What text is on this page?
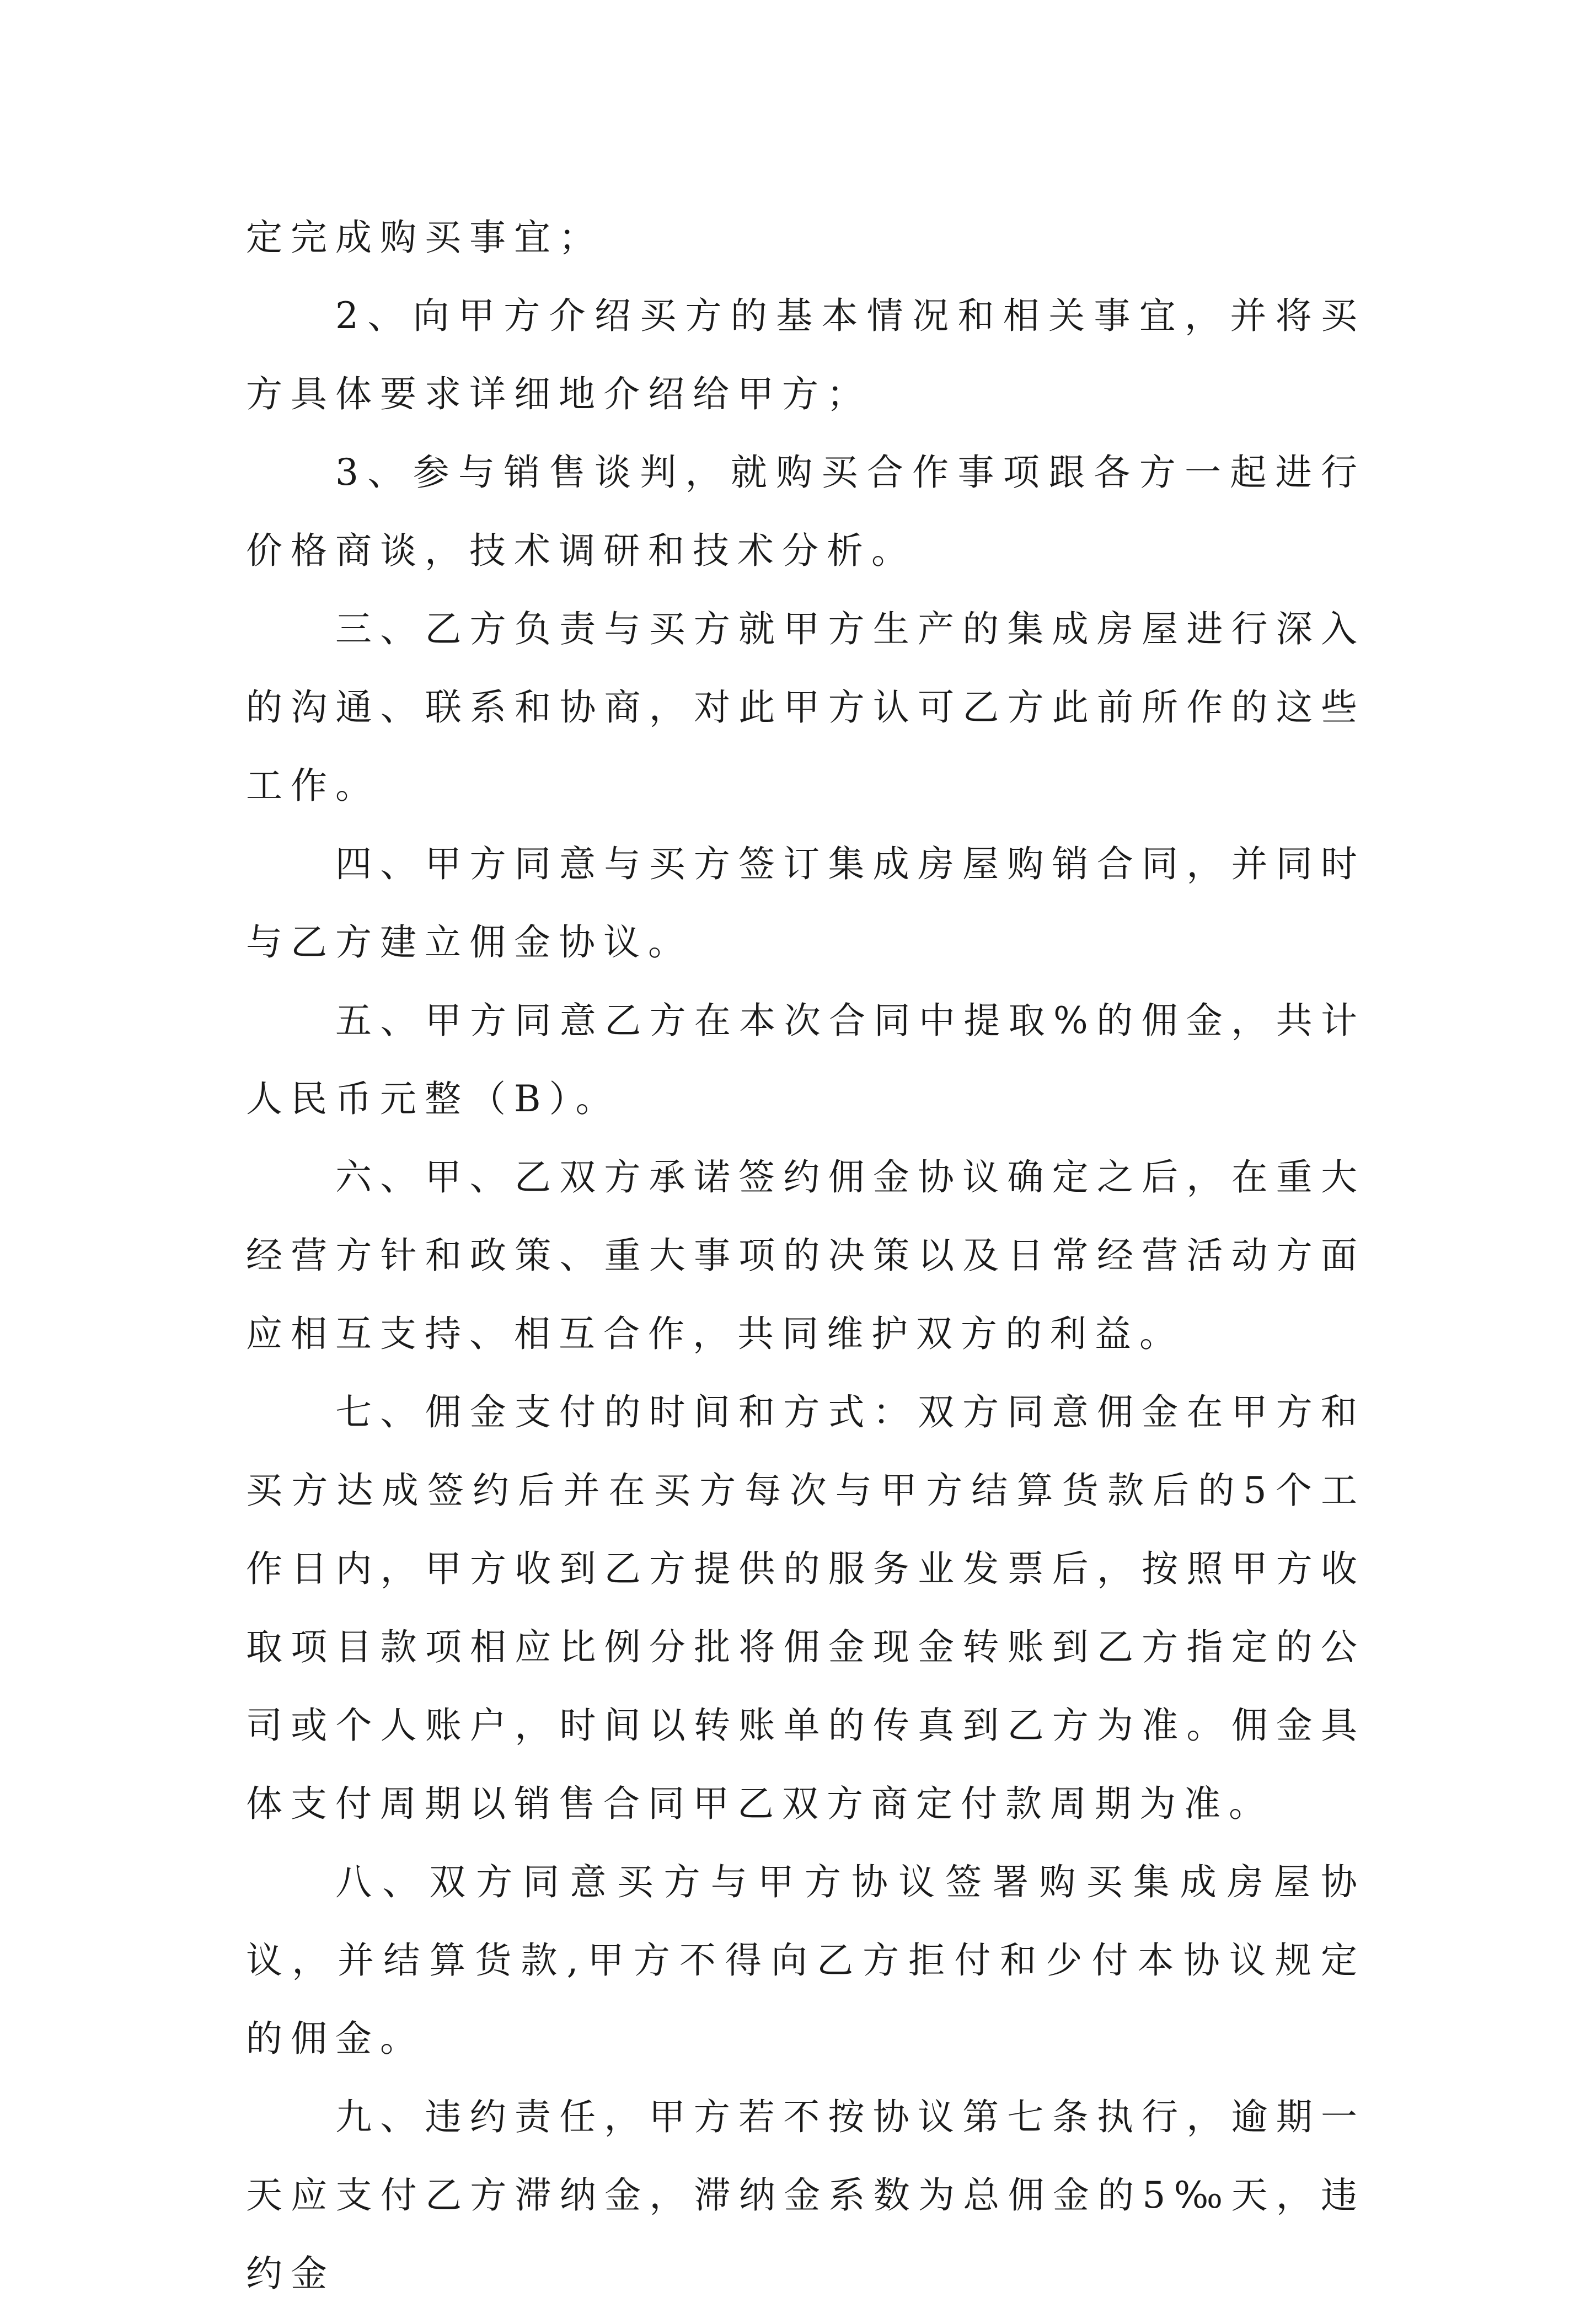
定完成购买事宜；

2、向甲方介绍买方的基本情况和相关事宜，并将买方具体要求详细地介绍给甲方；

3、参与销售谈判，就购买合作事项跟各方一起进行价格商谈，技术调研和技术分析。

三、乙方负责与买方就甲方生产的集成房屋进行深入的沟通、联系和协商，对此甲方认可乙方此前所作的这些工作。

四、甲方同意与买方签订集成房屋购销合同，并同时与乙方建立佣金协议。

五、甲方同意乙方在本次合同中提取%的佣金，共计人民币元整（B）。

六、甲、乙双方承诺签约佣金协议确定之后，在重大经营方针和政策、重大事项的决策以及日常经营活动方面应相互支持、相互合作，共同维护双方的利益。

七、佣金支付的时间和方式：双方同意佣金在甲方和买方达成签约后并在买方每次与甲方结算货款后的5个工作日内，甲方收到乙方提供的服务业发票后，按照甲方收取项目款项相应比例分批将佣金现金转账到乙方指定的公司或个人账户，时间以转账单的传真到乙方为准。佣金具体支付周期以销售合同甲乙双方商定付款周期为准。

八、双方同意买方与甲方协议签署购买集成房屋协议，并结算货款,甲方不得向乙方拒付和少付本协议规定的佣金。

九、违约责任，甲方若不按协议第七条执行，逾期一天应支付乙方滞纳金，滞纳金系数为总佣金的5‰天，违约金
